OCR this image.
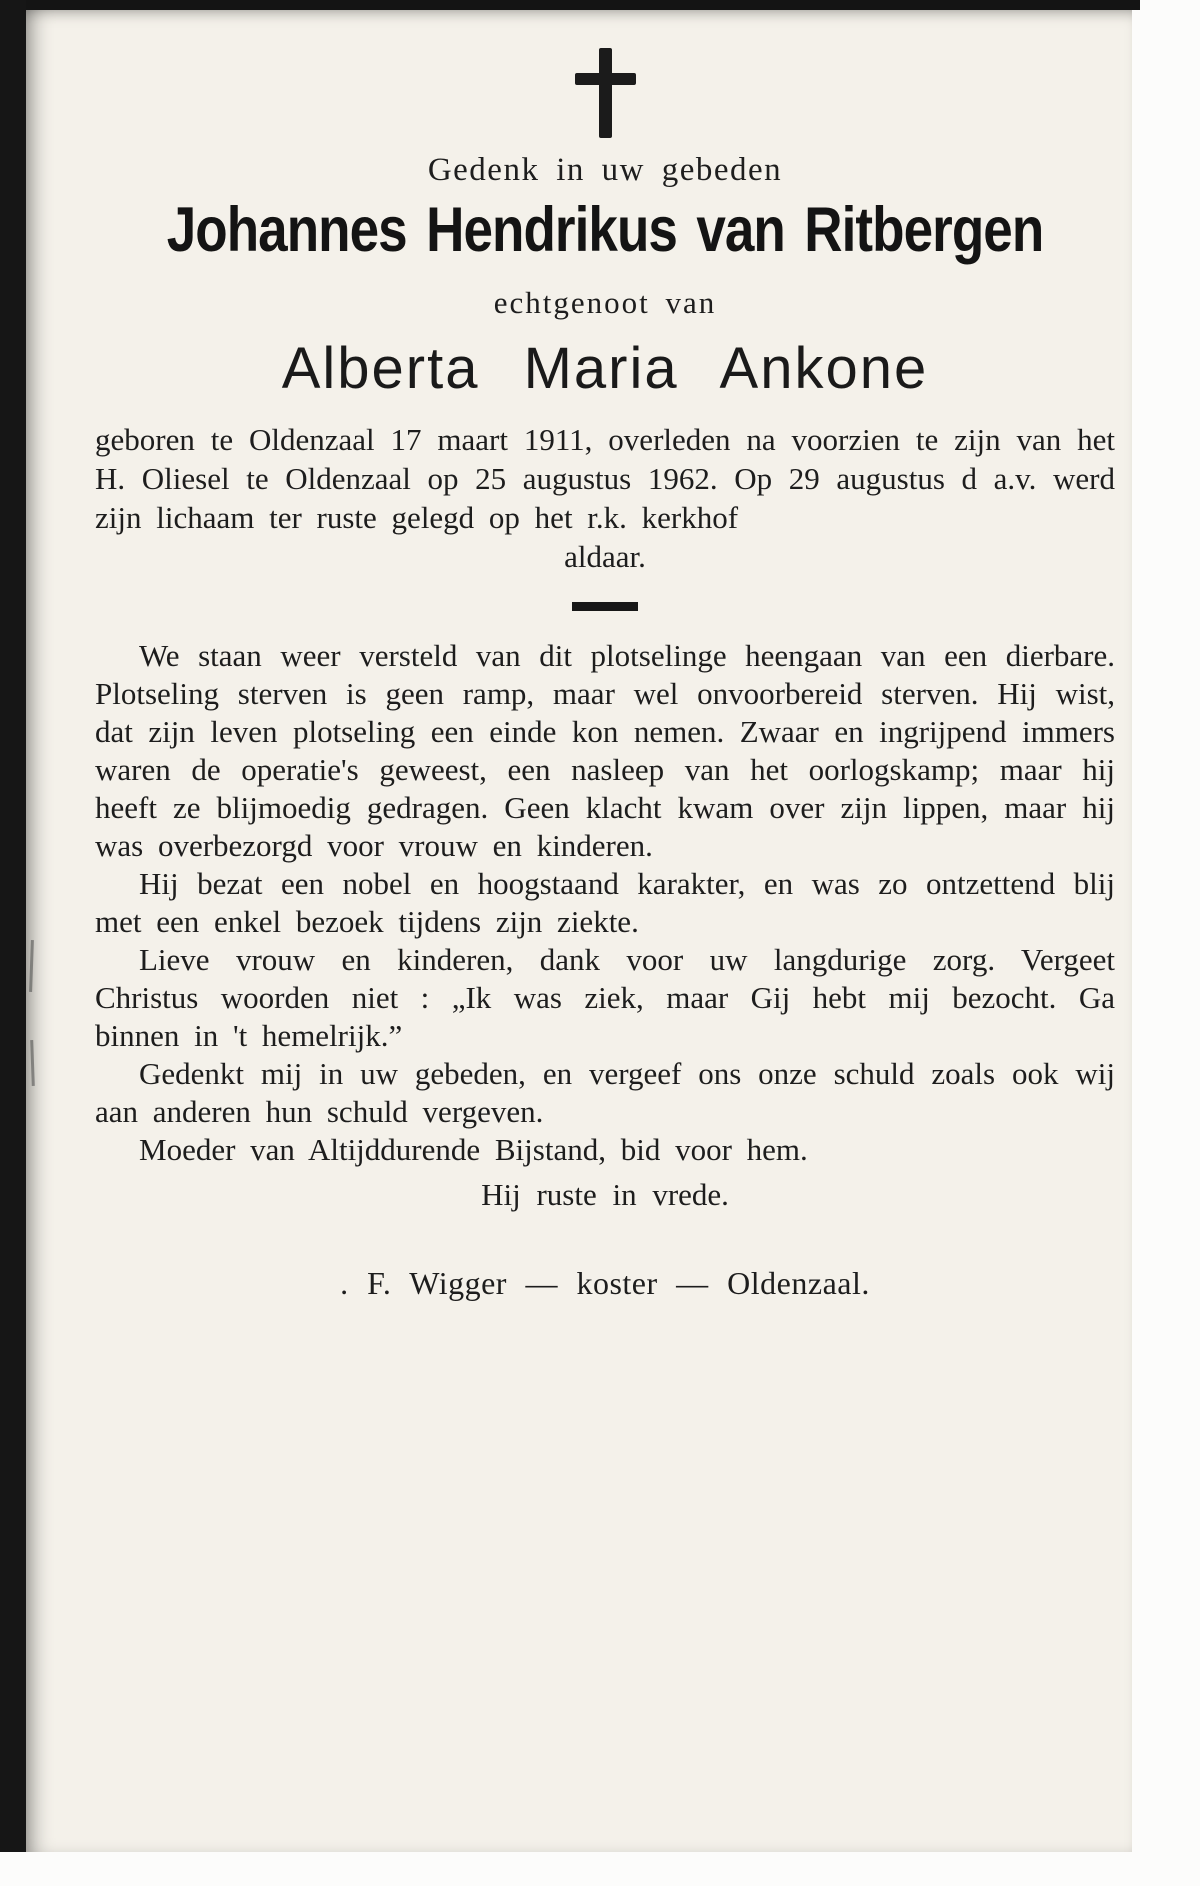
Gedenk in uw gebeden
Johannes Hendrikus van Ritbergen
echtgenoot van
Alberta Maria Ankone

geboren te Oldenzaal 17 maart 1911, overleden na voorzien te zijn van het H. Oliesel te Oldenzaal op 25 augustus 1962. Op 29 augustus d a.v. werd zijn lichaam ter ruste gelegd op het r.k. kerkhof

aldaar.

We staan weer versteld van dit plotselinge heengaan van een dierbare. Plotseling sterven is geen ramp, maar wel onvoorbereid sterven. Hij wist, dat zijn leven plotseling een einde kon nemen. Zwaar en ingrijpend immers waren de operatie's geweest, een nasleep van het oorlogskamp; maar hij heeft ze blijmoedig gedragen. Geen klacht kwam over zijn lippen, maar hij was overbezorgd voor vrouw en kinderen.

Hij bezat een nobel en hoogstaand karakter, en was zo ontzettend blij met een enkel bezoek tijdens zijn ziekte.

Lieve vrouw en kinderen, dank voor uw langdurige zorg. Vergeet Christus woorden niet : „Ik was ziek, maar Gij hebt mij bezocht. Ga binnen in 't hemelrijk.”

Gedenkt mij in uw gebeden, en vergeef ons onze schuld zoals ook wij aan anderen hun schuld vergeven.

Moeder van Altijddurende Bijstand, bid voor hem.

Hij ruste in vrede.
. F. Wigger — koster — Oldenzaal.
